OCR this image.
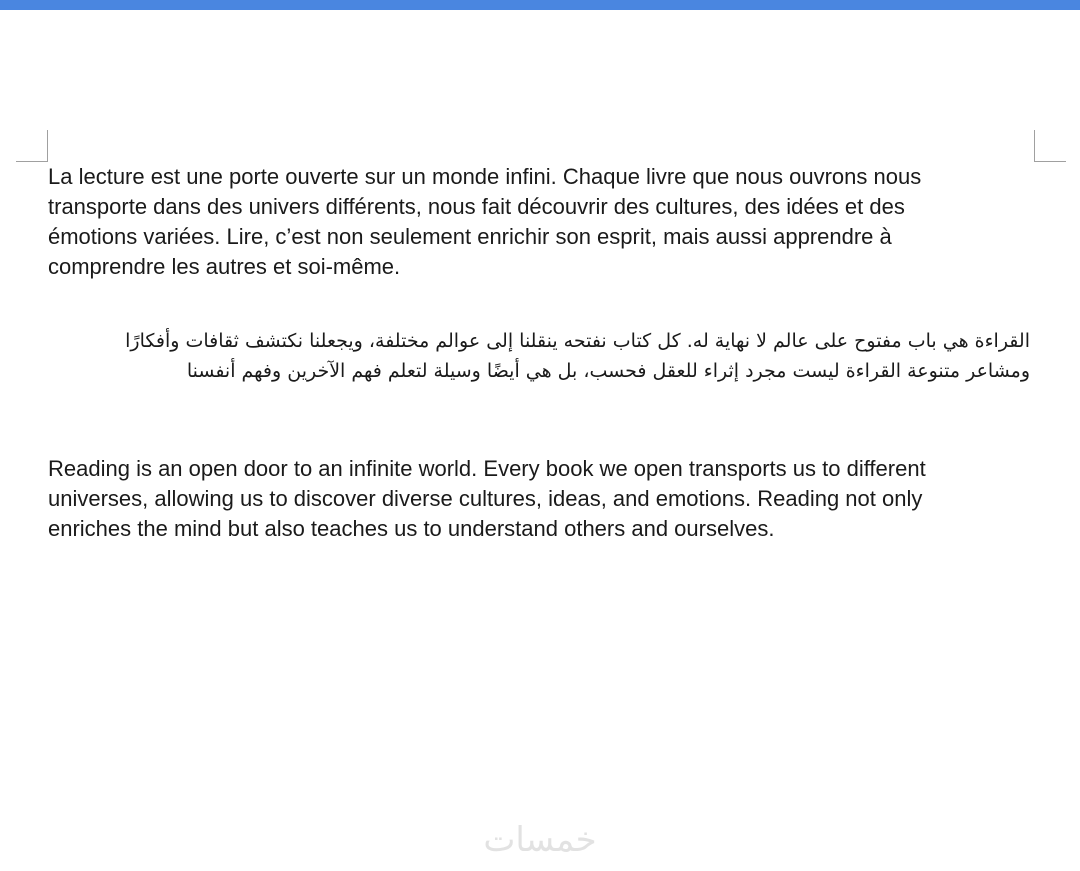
La lecture est une porte ouverte sur un monde infini. Chaque livre que nous ouvrons nous
transporte dans des univers différents, nous fait découvrir des cultures, des idées et des
émotions variées. Lire, c’est non seulement enrichir son esprit, mais aussi apprendre à
comprendre les autres et soi-même.

القراءة هي باب مفتوح على عالم لا نهاية له. كل كتاب نفتحه ينقلنا إلى عوالم مختلفة، ويجعلنا نكتشف ثقافات وأفكارًا
ومشاعر متنوعة القراءة ليست مجرد إثراء للعقل فحسب، بل هي أيضًا وسيلة لتعلم فهم الآخرين وفهم أنفسنا

Reading is an open door to an infinite world. Every book we open transports us to different
universes, allowing us to discover diverse cultures, ideas, and emotions. Reading not only
enriches the mind but also teaches us to understand others and ourselves.

خمسات
